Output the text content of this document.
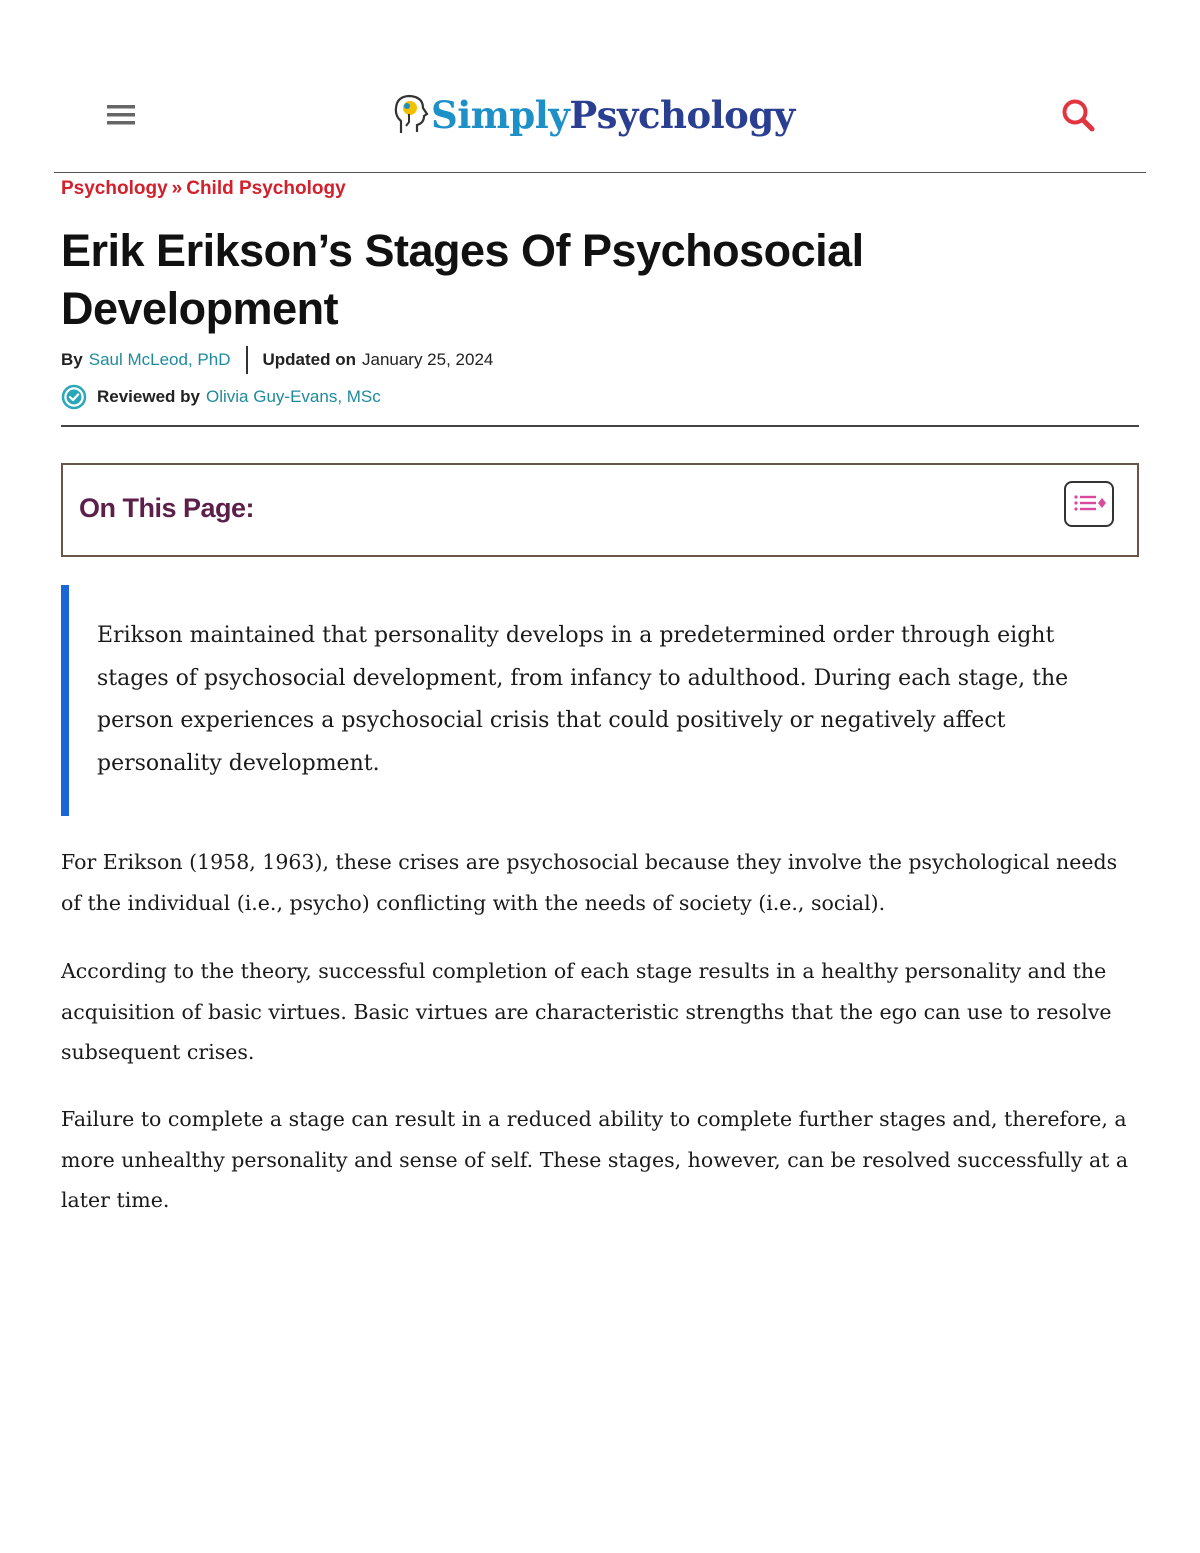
SimplyPsychology
Psychology » Child Psychology
Erik Erikson’s Stages Of Psychosocial Development
By Saul McLeod, PhD Updated on January 25, 2024
Reviewed by Olivia Guy-Evans, MSc
On This Page:

Erikson maintained that personality develops in a predetermined order through eight stages of psychosocial development, from infancy to adulthood. During each stage, the person experiences a psychosocial crisis that could positively or negatively affect personality development.

For Erikson (1958, 1963), these crises are psychosocial because they involve the psychological needs of the individual (i.e., psycho) conflicting with the needs of society (i.e., social).

According to the theory, successful completion of each stage results in a healthy personality and the acquisition of basic virtues. Basic virtues are characteristic strengths that the ego can use to resolve subsequent crises.

Failure to complete a stage can result in a reduced ability to complete further stages and, therefore, a more unhealthy personality and sense of self. These stages, however, can be resolved successfully at a later time.
